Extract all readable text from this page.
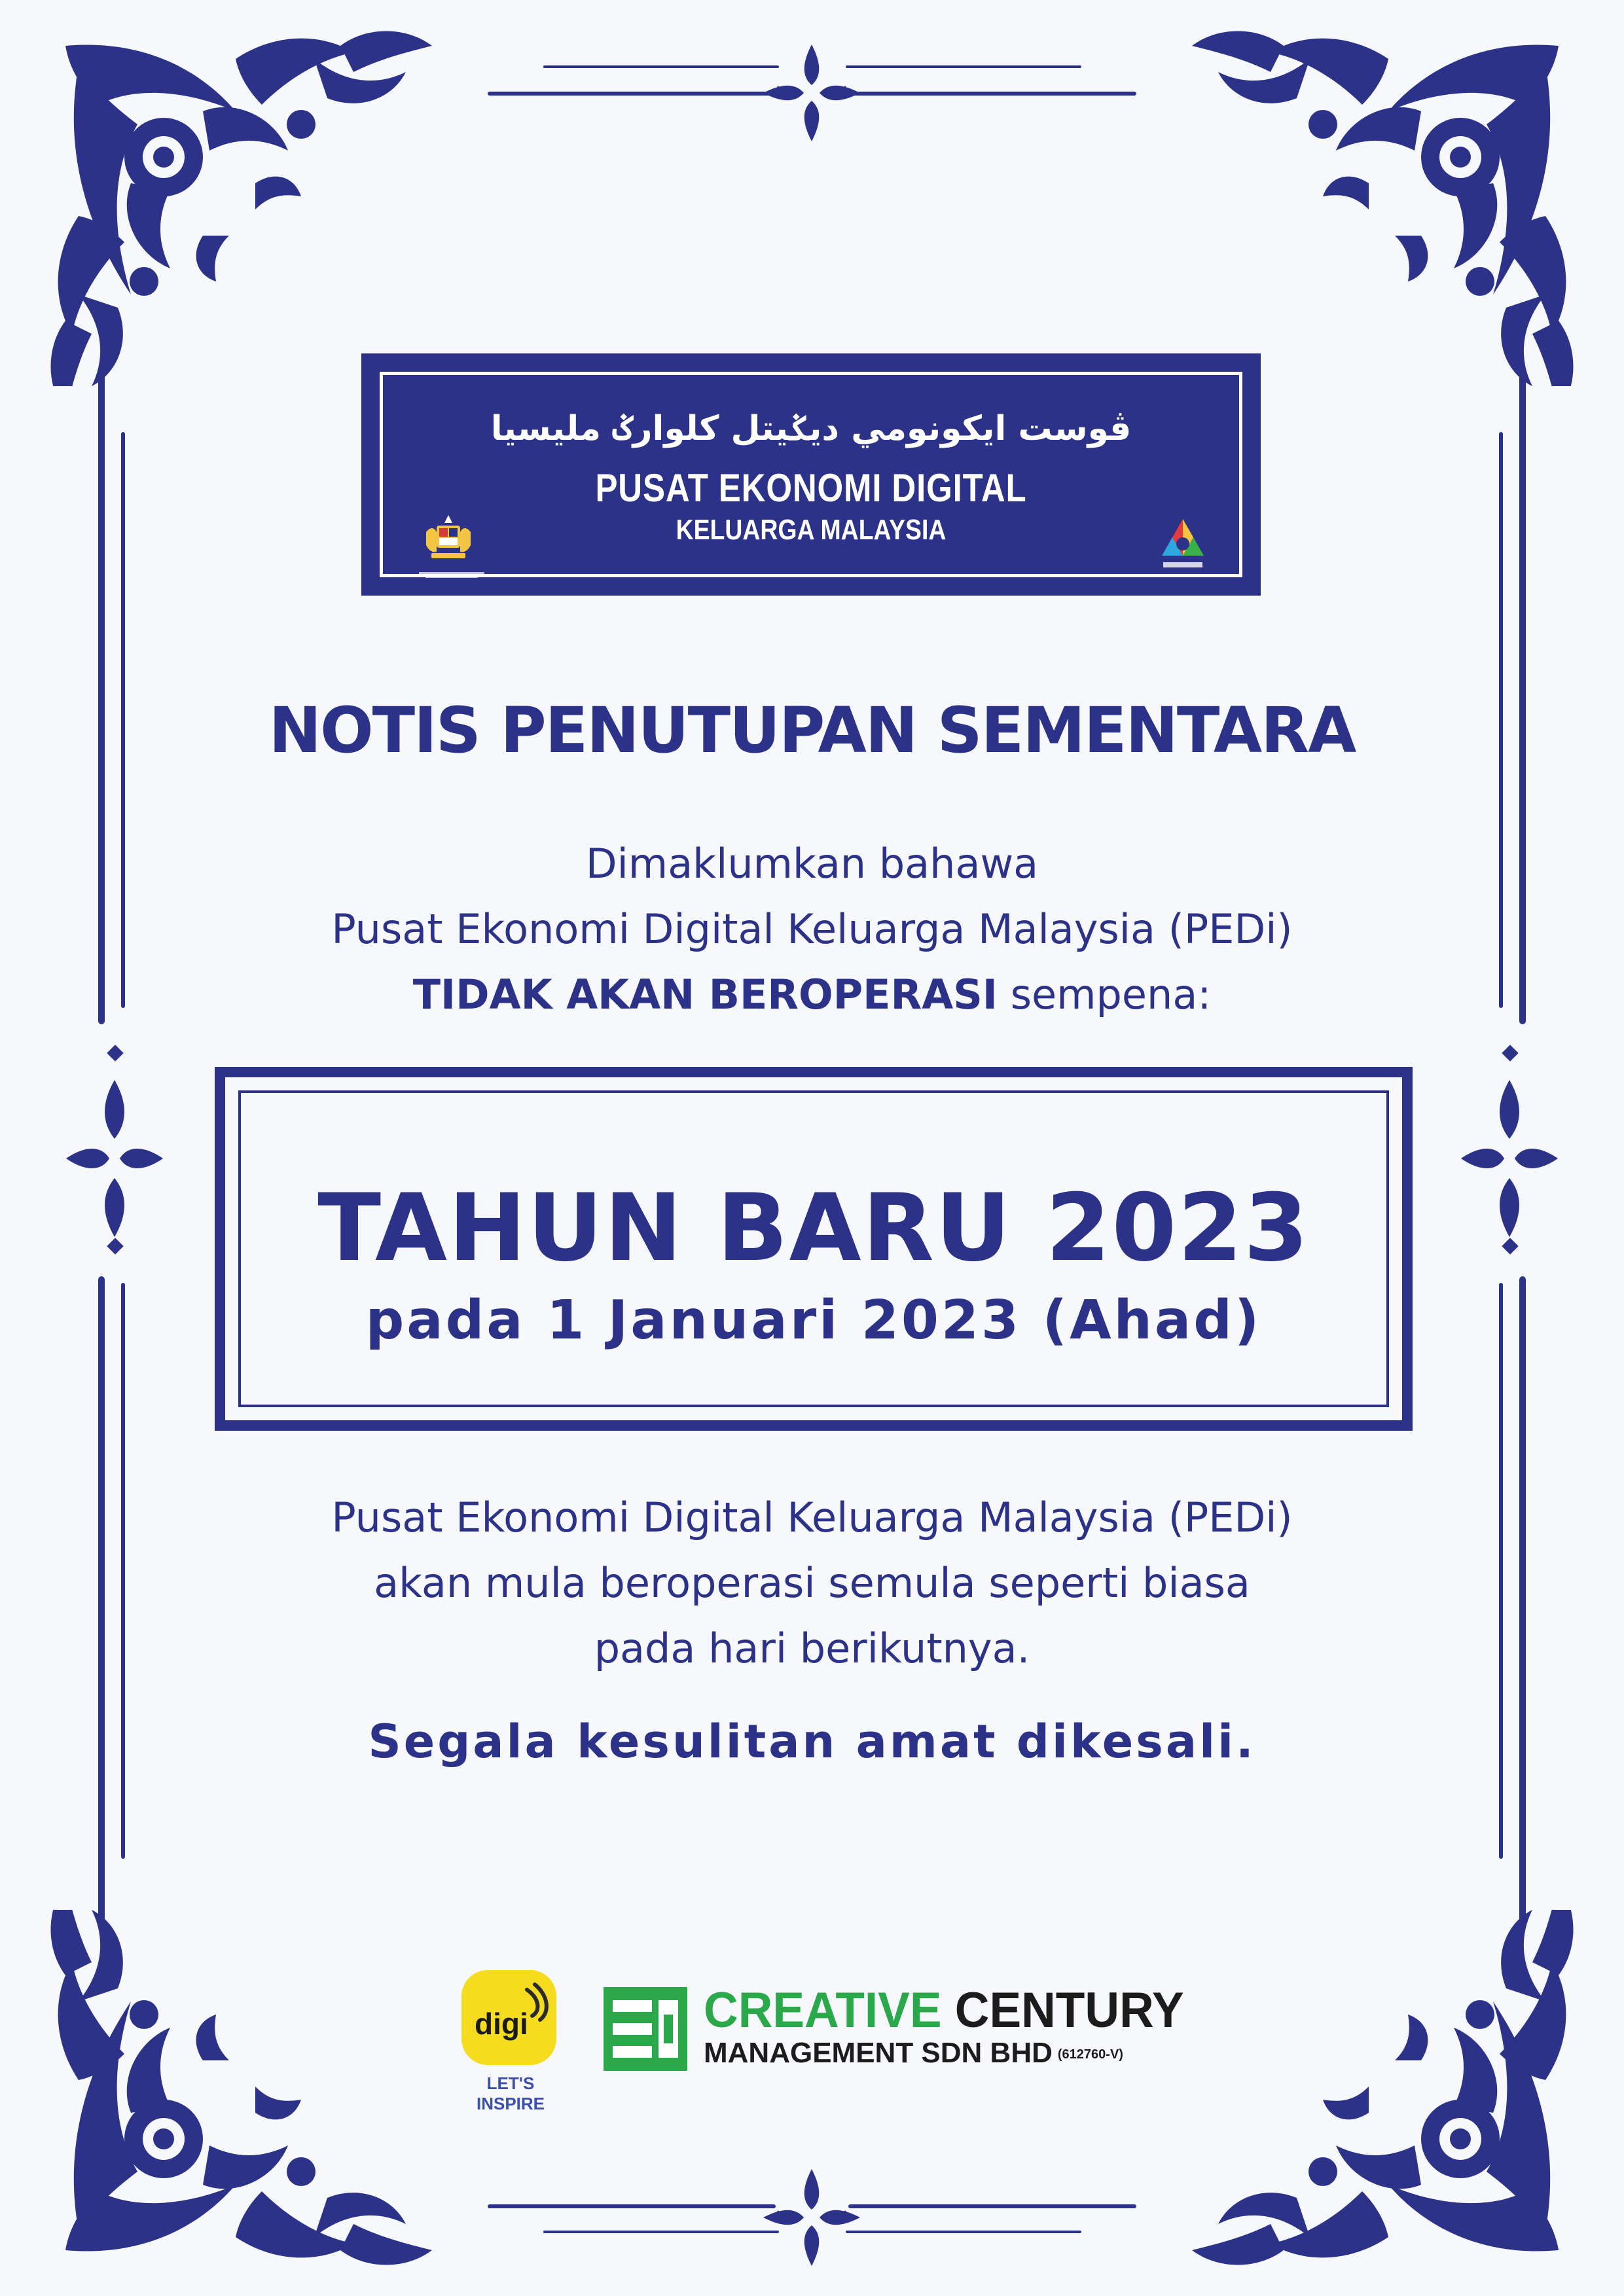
ڤوست ايكونومي ديݢيتل كلوارݢ مليسيا
PUSAT EKONOMI DIGITAL
KELUARGA MALAYSIA
NOTIS PENUTUPAN SEMENTARA
Dimaklumkan bahawa
Pusat Ekonomi Digital Keluarga Malaysia (PEDi)
TIDAK AKAN BEROPERASI sempena:
TAHUN BARU 2023
pada 1 Januari 2023 (Ahad)
Pusat Ekonomi Digital Keluarga Malaysia (PEDi)
akan mula beroperasi semula seperti biasa
pada hari berikutnya.
Segala kesulitan amat dikesali.
digi
LET'S INSPIRE
CREATIVE CENTURY
MANAGEMENT SDN BHD (612760-V)
